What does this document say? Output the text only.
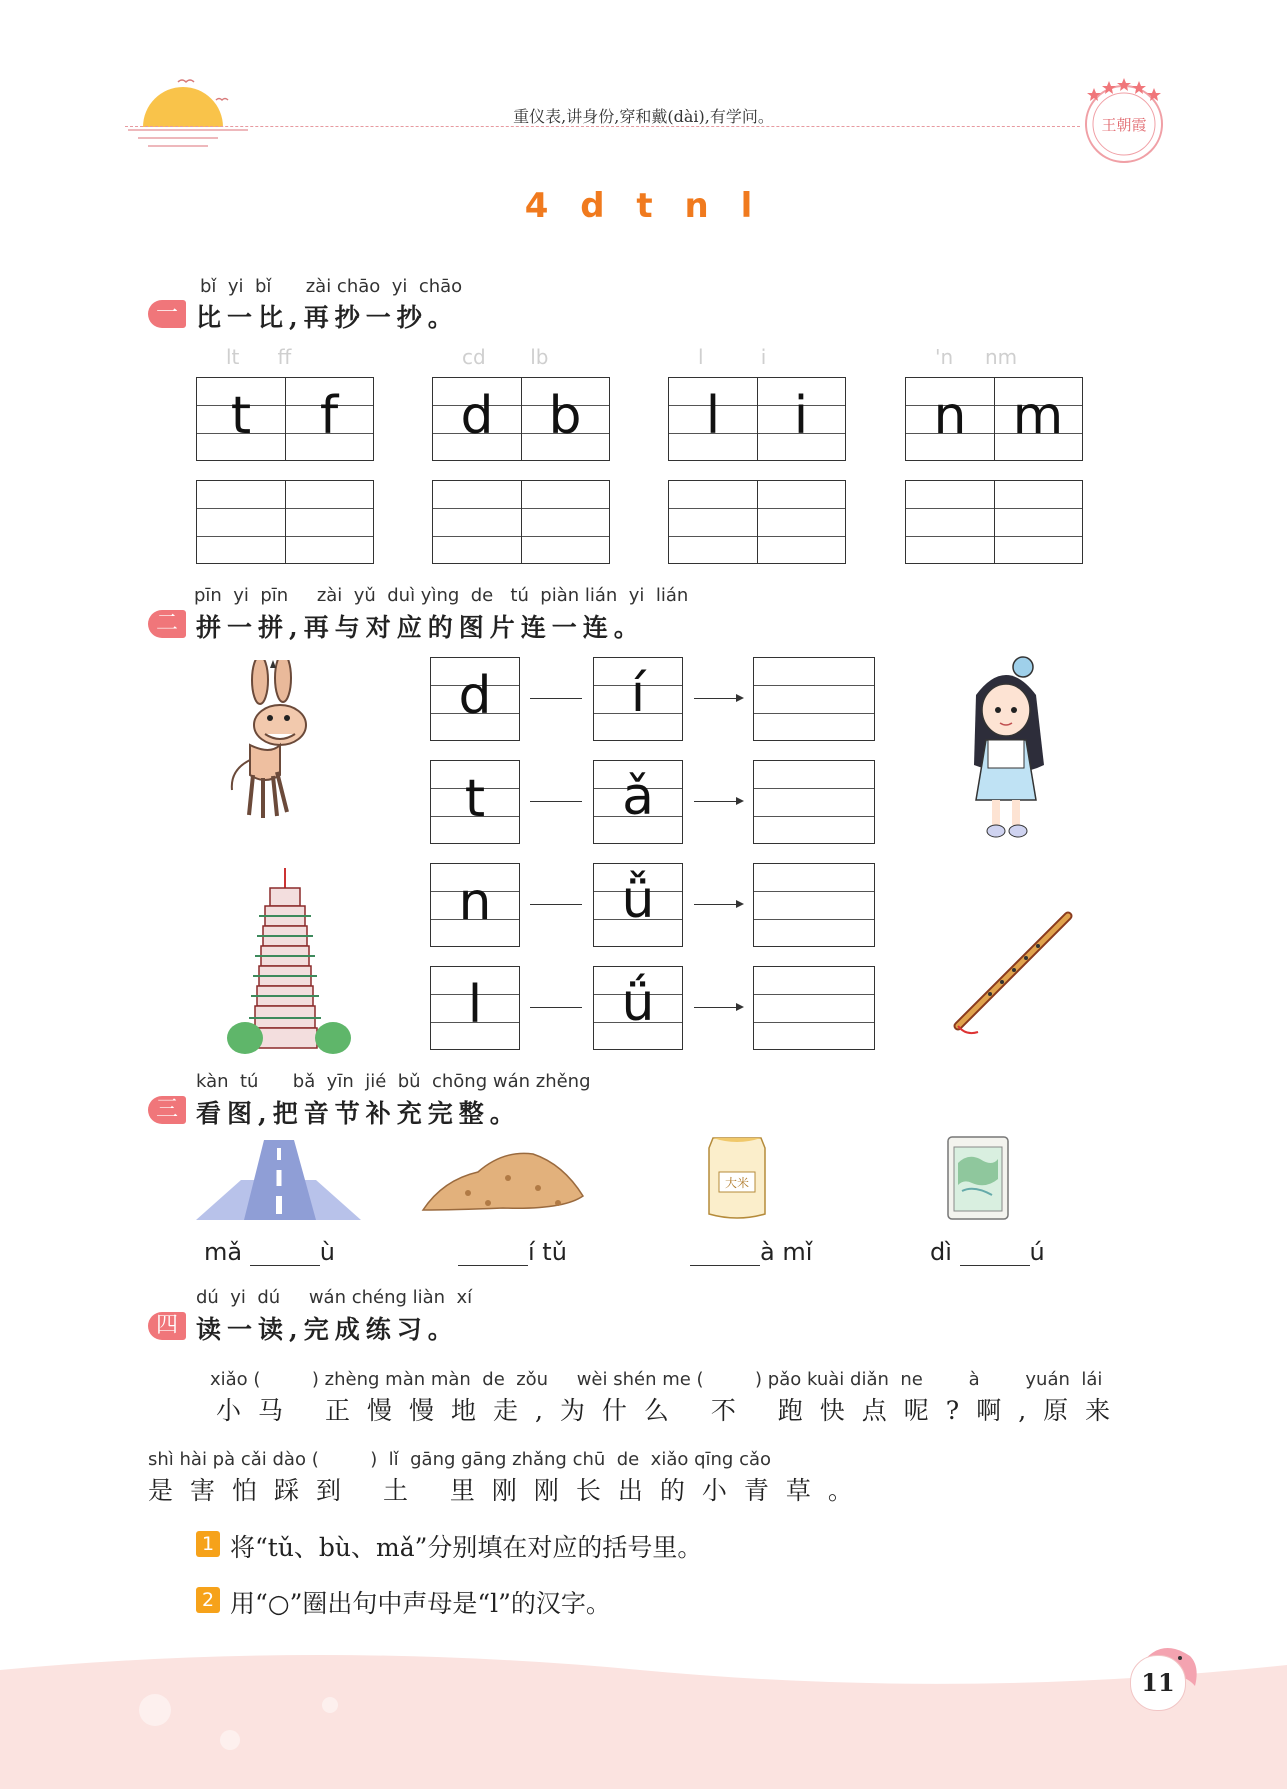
重仪表,讲身份,穿和戴(dài),有学问。	王朝霞
4 d t n l
bǐ  yi  bǐ      zài chāo  yi  chāo
一 比一比,再抄一抄。
lt      ff
t	f
cd       lb
d	b
l         i
l	i
'n     nm
n m
pīn  yi  pīn     zài  yǔ  duì yìng  de   tú  piàn lián  yi  lián
二 拼一拼,再与对应的图片连一连。
d	í
t	ǎ
n	ǚ
l	ǘ
kàn  tú      bǎ  yīn  jié  bǔ  chōng wán zhěng
三 看图,把音节补充完整。
大米
mǎ	ù	í tǔ	à mǐ	dì	ú
dú  yi  dú     wán chéng liàn  xí
四 读一读,完成练习。
xiǎo (         ) zhèng màn màn  de  zǒu     wèi shén me (         ) pǎo kuài diǎn  ne        à        yuán  lái
小马 正慢慢地走,为什么 不 跑快点呢?啊,原来
shì hài pà cǎi dào (         )  lǐ  gāng gāng zhǎng chū  de  xiǎo qīng cǎo
是害怕踩到 土 里刚刚长出的小青草。
1 将“tǔ、bù、mǎ”分别填在对应的括号里。
2 用“○”圈出句中声母是“l”的汉字。
11
